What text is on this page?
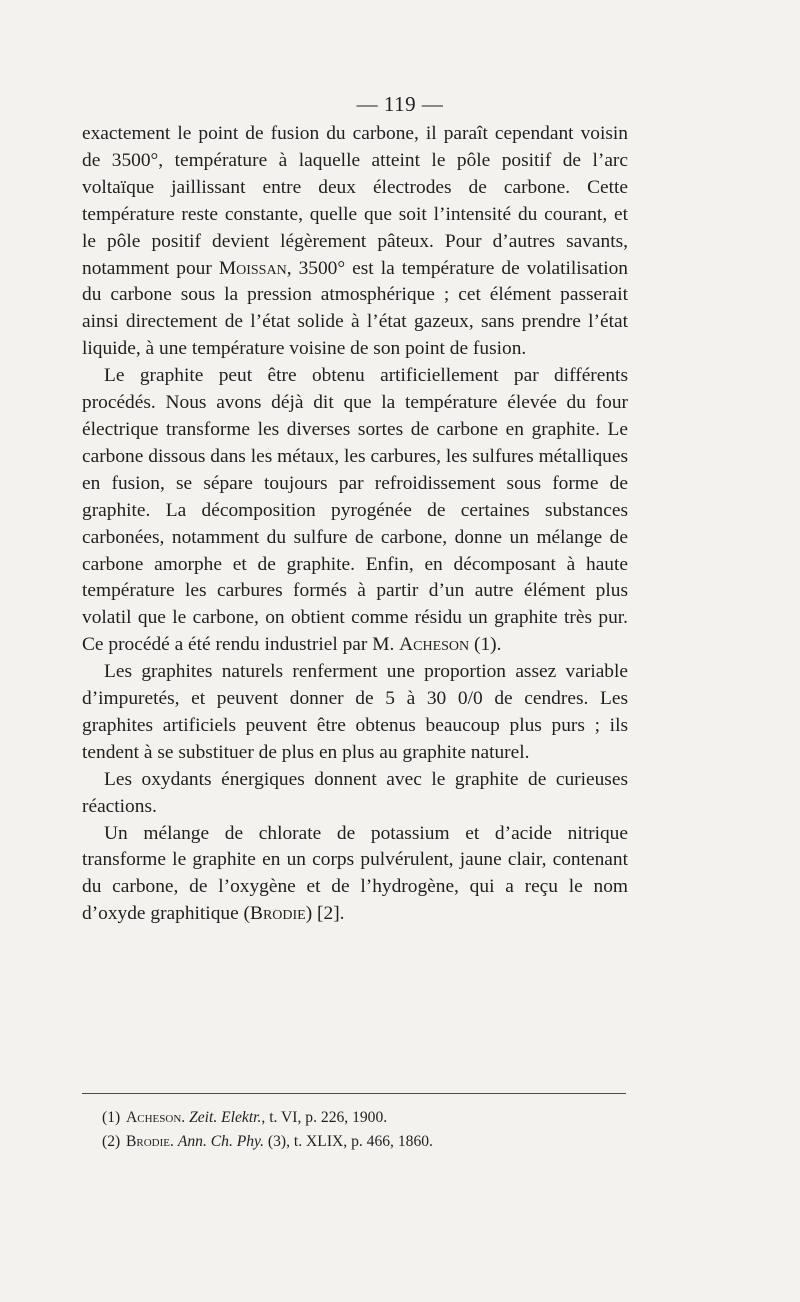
— 119 —

exactement le point de fusion du carbone, il paraît cependant voisin de 3500°, température à laquelle atteint le pôle positif de l’arc voltaïque jaillissant entre deux électrodes de carbone. Cette température reste constante, quelle que soit l’intensité du courant, et le pôle positif devient légèrement pâteux. Pour d’autres savants, notamment pour Moissan, 3500° est la température de volatilisation du carbone sous la pression atmosphérique ; cet élément passerait ainsi directement de l’état solide à l’état gazeux, sans prendre l’état liquide, à une température voisine de son point de fusion.

Le graphite peut être obtenu artificiellement par différents procédés. Nous avons déjà dit que la température élevée du four électrique transforme les diverses sortes de carbone en graphite. Le carbone dissous dans les métaux, les carbures, les sulfures métalliques en fusion, se sépare toujours par refroidissement sous forme de graphite. La décomposition pyrogénée de certaines substances carbonées, notamment du sulfure de carbone, donne un mélange de carbone amorphe et de graphite. Enfin, en décomposant à haute température les carbures formés à partir d’un autre élément plus volatil que le carbone, on obtient comme résidu un graphite très pur. Ce procédé a été rendu industriel par M. Acheson (1).

Les graphites naturels renferment une proportion assez variable d’impuretés, et peuvent donner de 5 à 30 0/0 de cendres. Les graphites artificiels peuvent être obtenus beaucoup plus purs ; ils tendent à se substituer de plus en plus au graphite naturel.

Les oxydants énergiques donnent avec le graphite de curieuses réactions.

Un mélange de chlorate de potassium et d’acide nitrique transforme le graphite en un corps pulvérulent, jaune clair, contenant du carbone, de l’oxygène et de l’hydrogène, qui a reçu le nom d’oxyde graphitique (Brodie) [2].

(1) Acheson. Zeit. Elektr., t. VI, p. 226, 1900.
(2) Brodie. Ann. Ch. Phy. (3), t. XLIX, p. 466, 1860.
